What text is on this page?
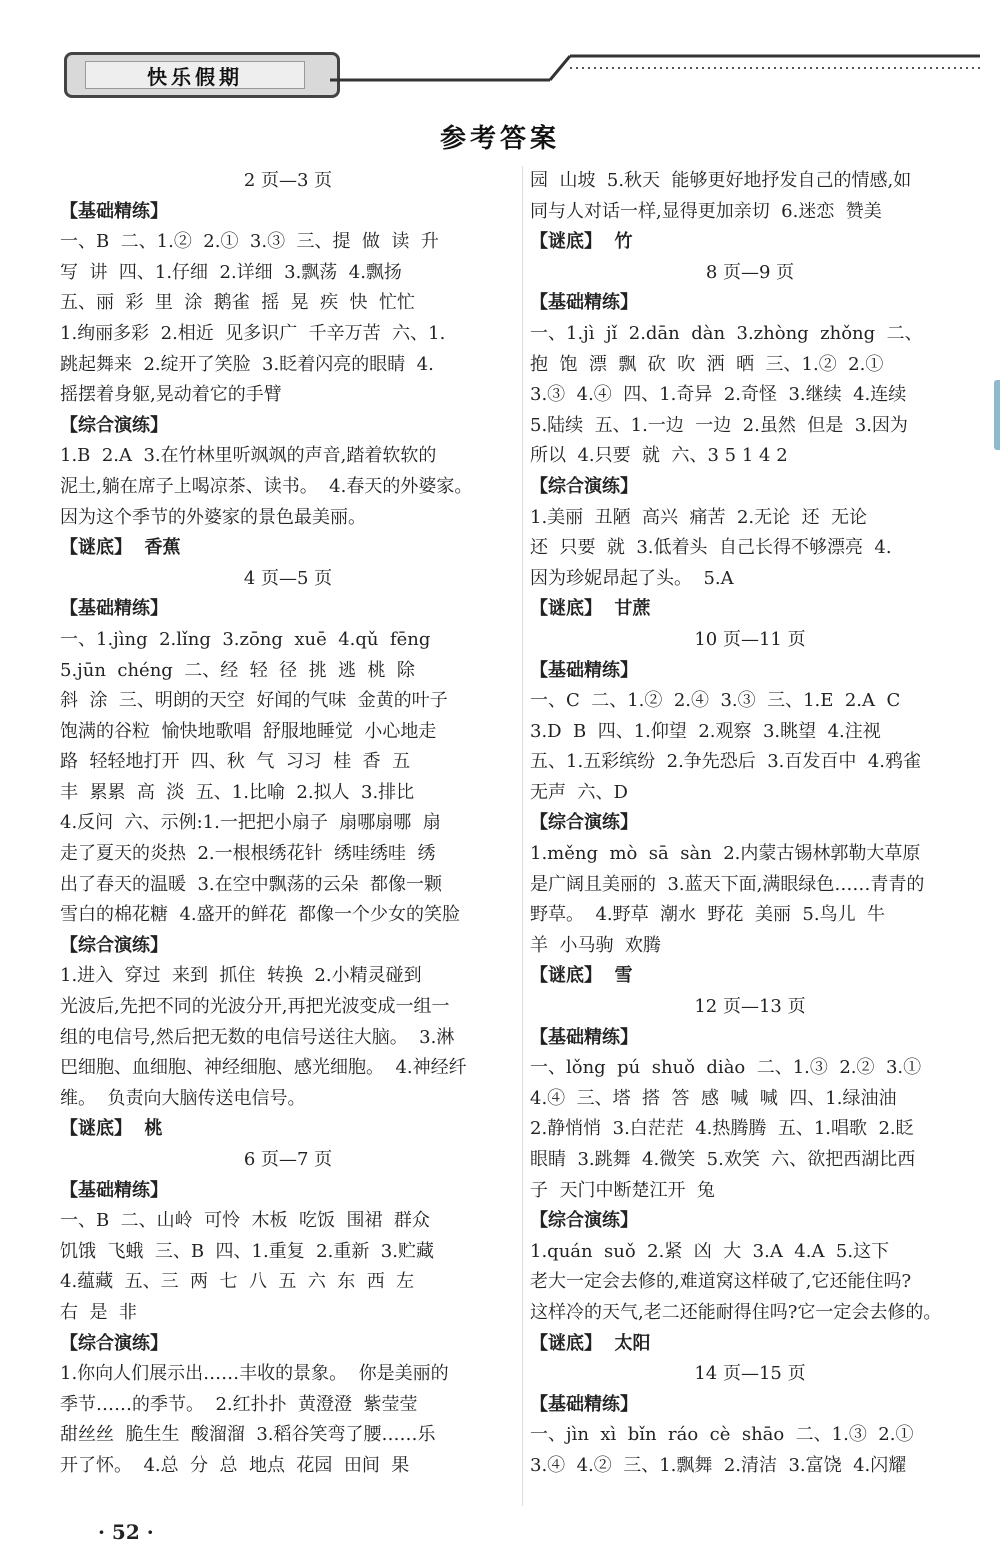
快乐假期
参考答案
2 页—3 页
【基础精练】
一、B  二、1.②  2.①  3.③  三、提  做  读  升
写  讲  四、1.仔细  2.详细  3.飘荡  4.飘扬
五、丽  彩  里  涂  鹅雀  摇  晃  疾  快  忙忙
1.绚丽多彩  2.相近  见多识广  千辛万苦  六、1.
跳起舞来  2.绽开了笑脸  3.眨着闪亮的眼睛  4.
摇摆着身躯,晃动着它的手臂
【综合演练】
1.B  2.A  3.在竹林里听飒飒的声音,踏着软软的
泥土,躺在席子上喝凉茶、读书。  4.春天的外婆家。
因为这个季节的外婆家的景色最美丽。
【谜底】  香蕉
4 页—5 页
【基础精练】
一、1.jìng  2.lǐng  3.zōng  xuē  4.qǔ  fēng
5.jūn  chéng  二、经  轻  径  挑  逃  桃  除
斜  涂  三、明朗的天空  好闻的气味  金黄的叶子
饱满的谷粒  愉快地歌唱  舒服地睡觉  小心地走
路  轻轻地打开  四、秋  气  习习  桂  香  五
丰  累累  高  淡  五、1.比喻  2.拟人  3.排比
4.反问  六、示例:1.一把把小扇子  扇哪扇哪  扇
走了夏天的炎热  2.一根根绣花针  绣哇绣哇  绣
出了春天的温暖  3.在空中飘荡的云朵  都像一颗
雪白的棉花糖  4.盛开的鲜花  都像一个少女的笑脸
【综合演练】
1.进入  穿过  来到  抓住  转换  2.小精灵碰到
光波后,先把不同的光波分开,再把光波变成一组一
组的电信号,然后把无数的电信号送往大脑。  3.淋
巴细胞、血细胞、神经细胞、感光细胞。  4.神经纤
维。  负责向大脑传送电信号。
【谜底】  桃
6 页—7 页
【基础精练】
一、B  二、山岭  可怜  木板  吃饭  围裙  群众
饥饿  飞蛾  三、B  四、1.重复  2.重新  3.贮藏
4.蕴藏  五、三  两  七  八  五  六  东  西  左
右  是  非
【综合演练】
1.你向人们展示出……丰收的景象。  你是美丽的
季节……的季节。  2.红扑扑  黄澄澄  紫莹莹
甜丝丝  脆生生  酸溜溜  3.稻谷笑弯了腰……乐
开了怀。  4.总  分  总  地点  花园  田间  果
园  山坡  5.秋天  能够更好地抒发自己的情感,如
同与人对话一样,显得更加亲切  6.迷恋  赞美
【谜底】  竹
8 页—9 页
【基础精练】
一、1.jì  jǐ  2.dān  dàn  3.zhòng  zhǒng  二、
抱  饱  漂  飘  砍  吹  洒  晒  三、1.②  2.①
3.③  4.④  四、1.奇异  2.奇怪  3.继续  4.连续
5.陆续  五、1.一边  一边  2.虽然  但是  3.因为
所以  4.只要  就  六、3 5 1 4 2
【综合演练】
1.美丽  丑陋  高兴  痛苦  2.无论  还  无论
还  只要  就  3.低着头  自己长得不够漂亮  4.
因为珍妮昂起了头。  5.A
【谜底】  甘蔗
10 页—11 页
【基础精练】
一、C  二、1.②  2.④  3.③  三、1.E  2.A  C
3.D  B  四、1.仰望  2.观察  3.眺望  4.注视
五、1.五彩缤纷  2.争先恐后  3.百发百中  4.鸦雀
无声  六、D
【综合演练】
1.měng  mò  sā  sàn  2.内蒙古锡林郭勒大草原
是广阔且美丽的  3.蓝天下面,满眼绿色……青青的
野草。  4.野草  潮水  野花  美丽  5.鸟儿  牛
羊  小马驹  欢腾
【谜底】  雪
12 页—13 页
【基础精练】
一、lǒng  pú  shuǒ  diào  二、1.③  2.②  3.①
4.④  三、塔  搭  答  感  喊  喊  四、1.绿油油
2.静悄悄  3.白茫茫  4.热腾腾  五、1.唱歌  2.眨
眼睛  3.跳舞  4.微笑  5.欢笑  六、欲把西湖比西
子  天门中断楚江开  兔
【综合演练】
1.quán  suǒ  2.紧  凶  大  3.A  4.A  5.这下
老大一定会去修的,难道窝这样破了,它还能住吗?
这样冷的天气,老二还能耐得住吗?它一定会去修的。
【谜底】  太阳
14 页—15 页
【基础精练】
一、jìn  xì  bǐn  ráo  cè  shāo  二、1.③  2.①
3.④  4.②  三、1.飘舞  2.清洁  3.富饶  4.闪耀
· 52 ·
